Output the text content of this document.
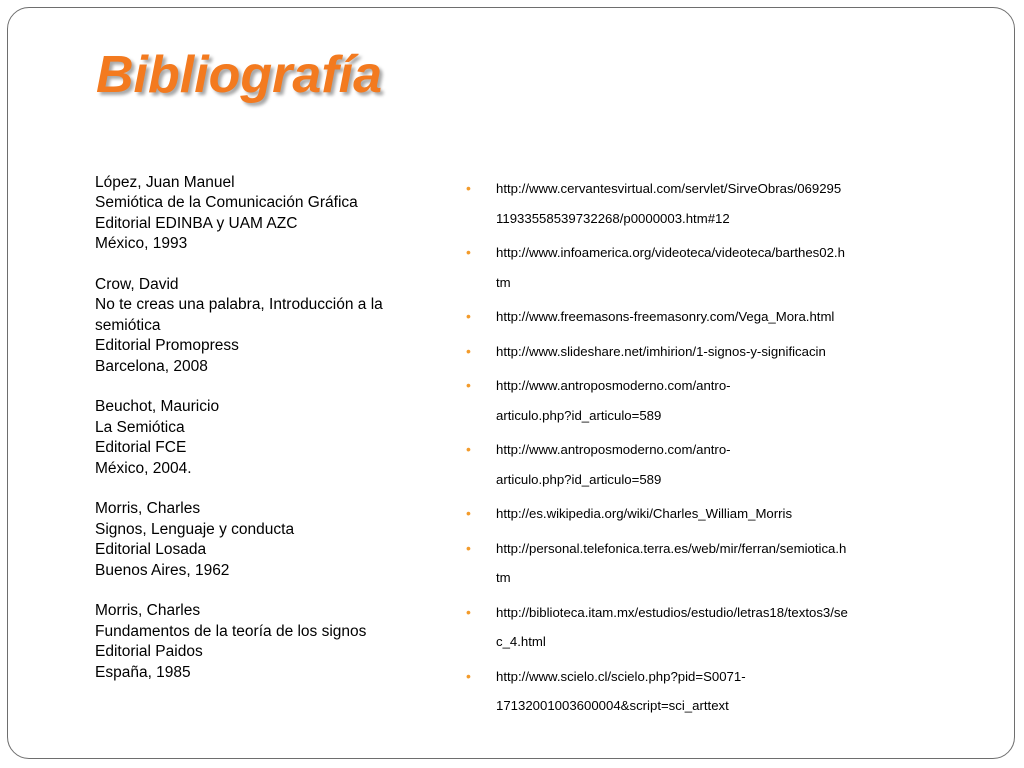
Bibliografía
López, Juan Manuel
Semiótica de la Comunicación Gráfica
Editorial EDINBA y UAM AZC
México, 1993
Crow, David
No te creas una palabra, Introducción a la semiótica
Editorial Promopress
Barcelona, 2008
Beuchot, Mauricio
La Semiótica
Editorial FCE
México, 2004.
Morris, Charles
Signos, Lenguaje y conducta
Editorial Losada
Buenos Aires, 1962
Morris, Charles
Fundamentos de la teoría de los signos
Editorial Paidos
España, 1985
• http://www.cervantesvirtual.com/servlet/SirveObras/069295
11933558539732268/p0000003.htm#12
• http://www.infoamerica.org/videoteca/videoteca/barthes02.h
tm
• http://www.freemasons-freemasonry.com/Vega_Mora.html
• http://www.slideshare.net/imhirion/1-signos-y-significacin
• http://www.antroposmoderno.com/antro-
articulo.php?id_articulo=589
• http://www.antroposmoderno.com/antro-
articulo.php?id_articulo=589
• http://es.wikipedia.org/wiki/Charles_William_Morris
• http://personal.telefonica.terra.es/web/mir/ferran/semiotica.h
tm
• http://biblioteca.itam.mx/estudios/estudio/letras18/textos3/se
c_4.html
• http://www.scielo.cl/scielo.php?pid=S0071-
17132001003600004&script=sci_arttext
